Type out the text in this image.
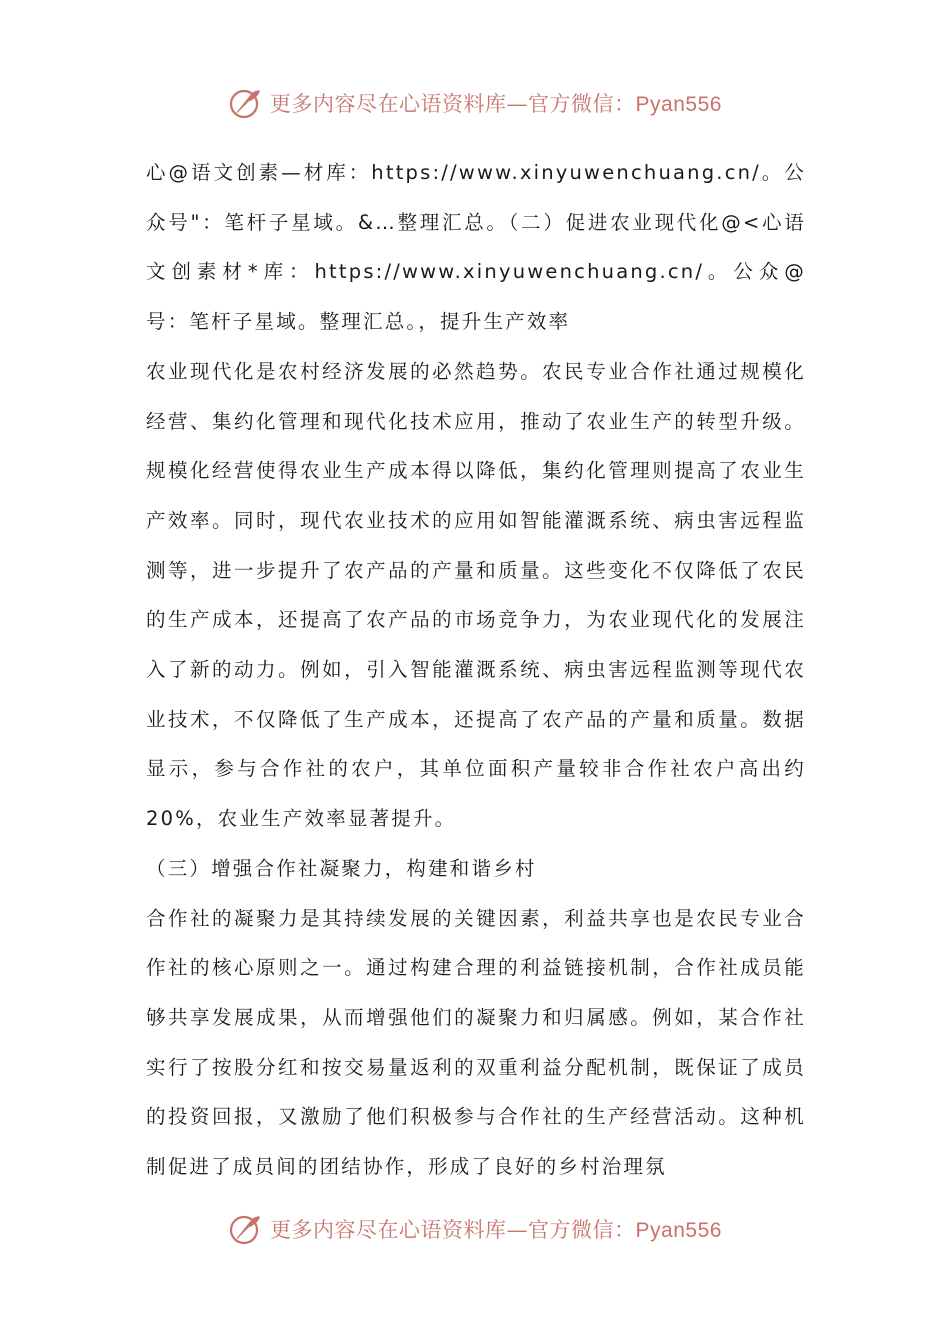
更多内容尽在心语资料库—官方微信：Pyan556

心@语文创素—材库：https://www.xinyuwenchuang.cn/。公众号"：笔杆子星域。&…整理汇总。（二）促进农业现代化@<心语文创素材*库：https://www.xinyuwenchuang.cn/。公众@号：笔杆子星域。整理汇总。，提升生产效率

农业现代化是农村经济发展的必然趋势。农民专业合作社通过规模化经营、集约化管理和现代化技术应用，推动了农业生产的转型升级。规模化经营使得农业生产成本得以降低，集约化管理则提高了农业生产效率。同时，现代农业技术的应用如智能灌溉系统、病虫害远程监测等，进一步提升了农产品的产量和质量。这些变化不仅降低了农民的生产成本，还提高了农产品的市场竞争力，为农业现代化的发展注入了新的动力。例如，引入智能灌溉系统、病虫害远程监测等现代农业技术，不仅降低了生产成本，还提高了农产品的产量和质量。数据显示，参与合作社的农户，其单位面积产量较非合作社农户高出约20%，农业生产效率显著提升。

（三）增强合作社凝聚力，构建和谐乡村

合作社的凝聚力是其持续发展的关键因素，利益共享也是农民专业合作社的核心原则之一。通过构建合理的利益链接机制，合作社成员能够共享发展成果，从而增强他们的凝聚力和归属感。例如，某合作社实行了按股分红和按交易量返利的双重利益分配机制，既保证了成员的投资回报，又激励了他们积极参与合作社的生产经营活动。这种机制促进了成员间的团结协作，形成了良好的乡村治理氛

更多内容尽在心语资料库—官方微信：Pyan556
